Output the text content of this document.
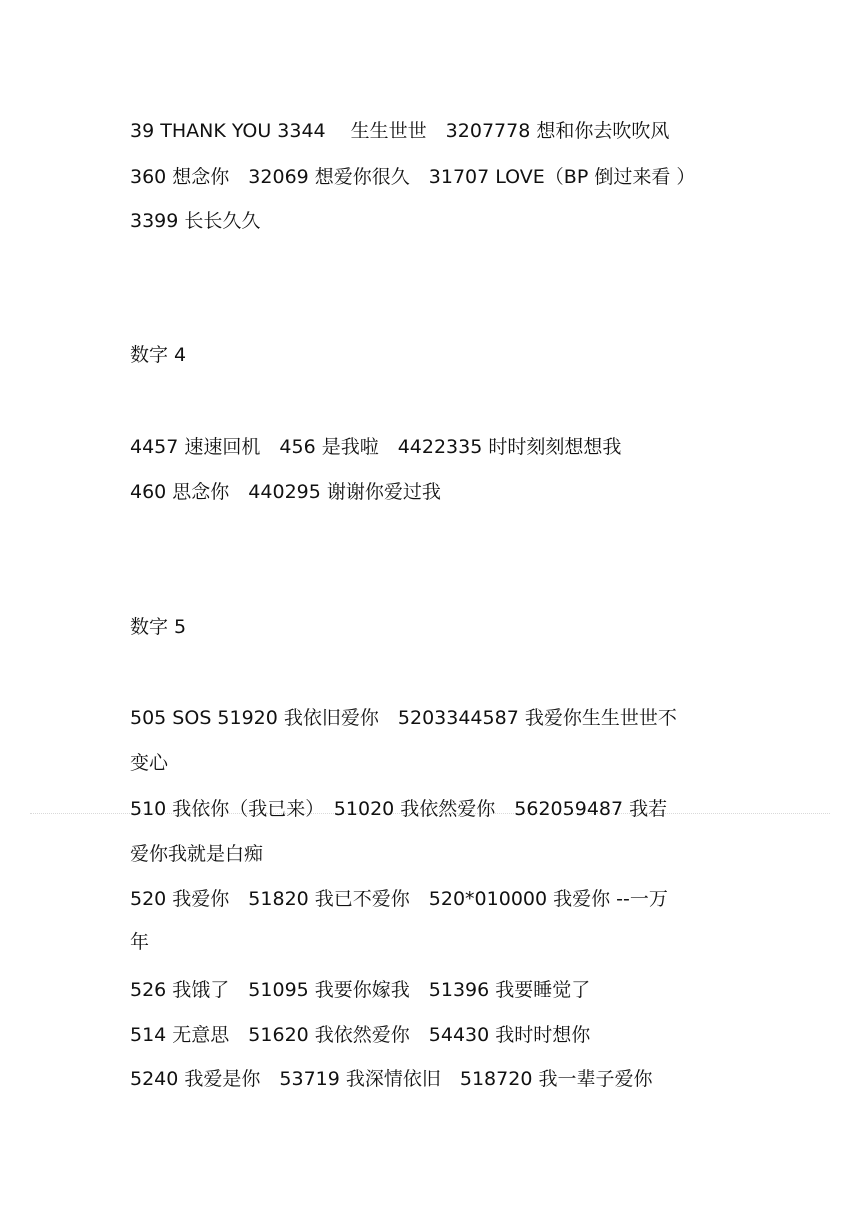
39 THANK YOU 3344　 生生世世　3207778 想和你去吹吹风
360 想念你　32069 想爱你很久　31707 LOVE（BP 倒过来看 ）
3399 长长久久
数字 4
4457 速速回机　456 是我啦　4422335 时时刻刻想想我
460 思念你　440295 谢谢你爱过我
数字 5
505 SOS 51920 我依旧爱你　5203344587 我爱你生生世世不
变心
510 我依你（我已来）　51020 我依然爱你　562059487 我若
爱你我就是白痴
520 我爱你　51820 我已不爱你　520*010000 我爱你 --一万
年
526 我饿了　51095 我要你嫁我　51396 我要睡觉了
514 无意思　51620 我依然爱你　54430 我时时想你
5240 我爱是你　53719 我深情依旧　518720 我一辈子爱你
